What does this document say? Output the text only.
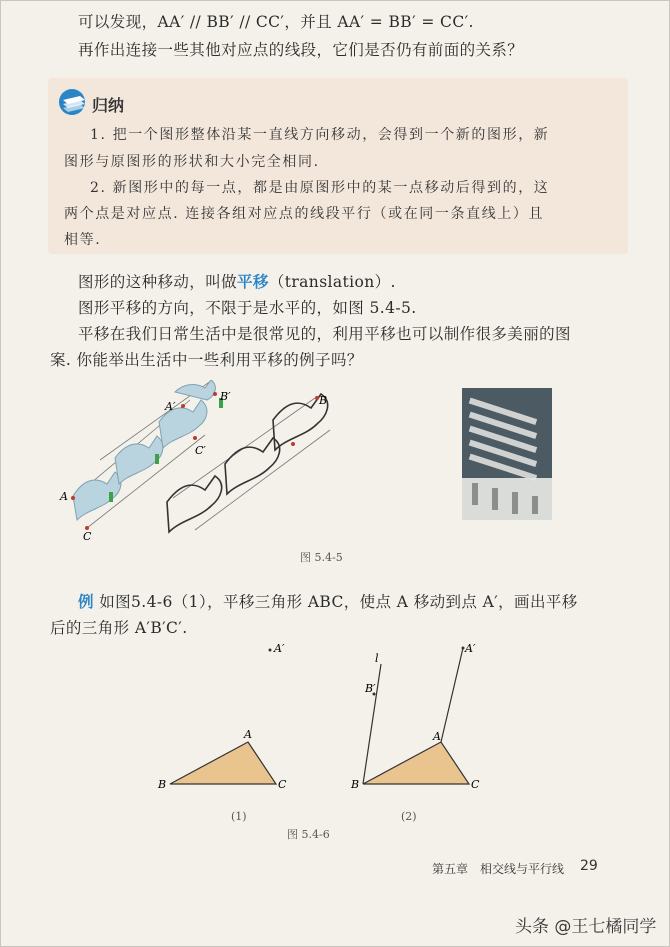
可以发现，AA′ // BB′ // CC′，并且 AA′ = BB′ = CC′.
再作出连接一些其他对应点的线段，它们是否仍有前面的关系？
归纳
1. 把一个图形整体沿某一直线方向移动，会得到一个新的图形，新
图形与原图形的形状和大小完全相同.
2. 新图形中的每一点，都是由原图形中的某一点移动后得到的，这
两个点是对应点. 连接各组对应点的线段平行（或在同一条直线上）且
相等.
图形的这种移动，叫做平移（translation）.
图形平移的方向，不限于是水平的，如图 5.4-5.
平移在我们日常生活中是很常见的，利用平移也可以制作很多美丽的图
案. 你能举出生活中一些利用平移的例子吗？
A
A′
B′
C′
C
B
图 5.4-5
例 如图5.4-6（1），平移三角形 ABC，使点 A 移动到点 A′，画出平移
后的三角形 A′B′C′.
A′
B
A
C
(1)
l
B′
A′
B
A
C
(2)
图 5.4-6
第五章　相交线与平行线 29
头条 @王七橘同学
